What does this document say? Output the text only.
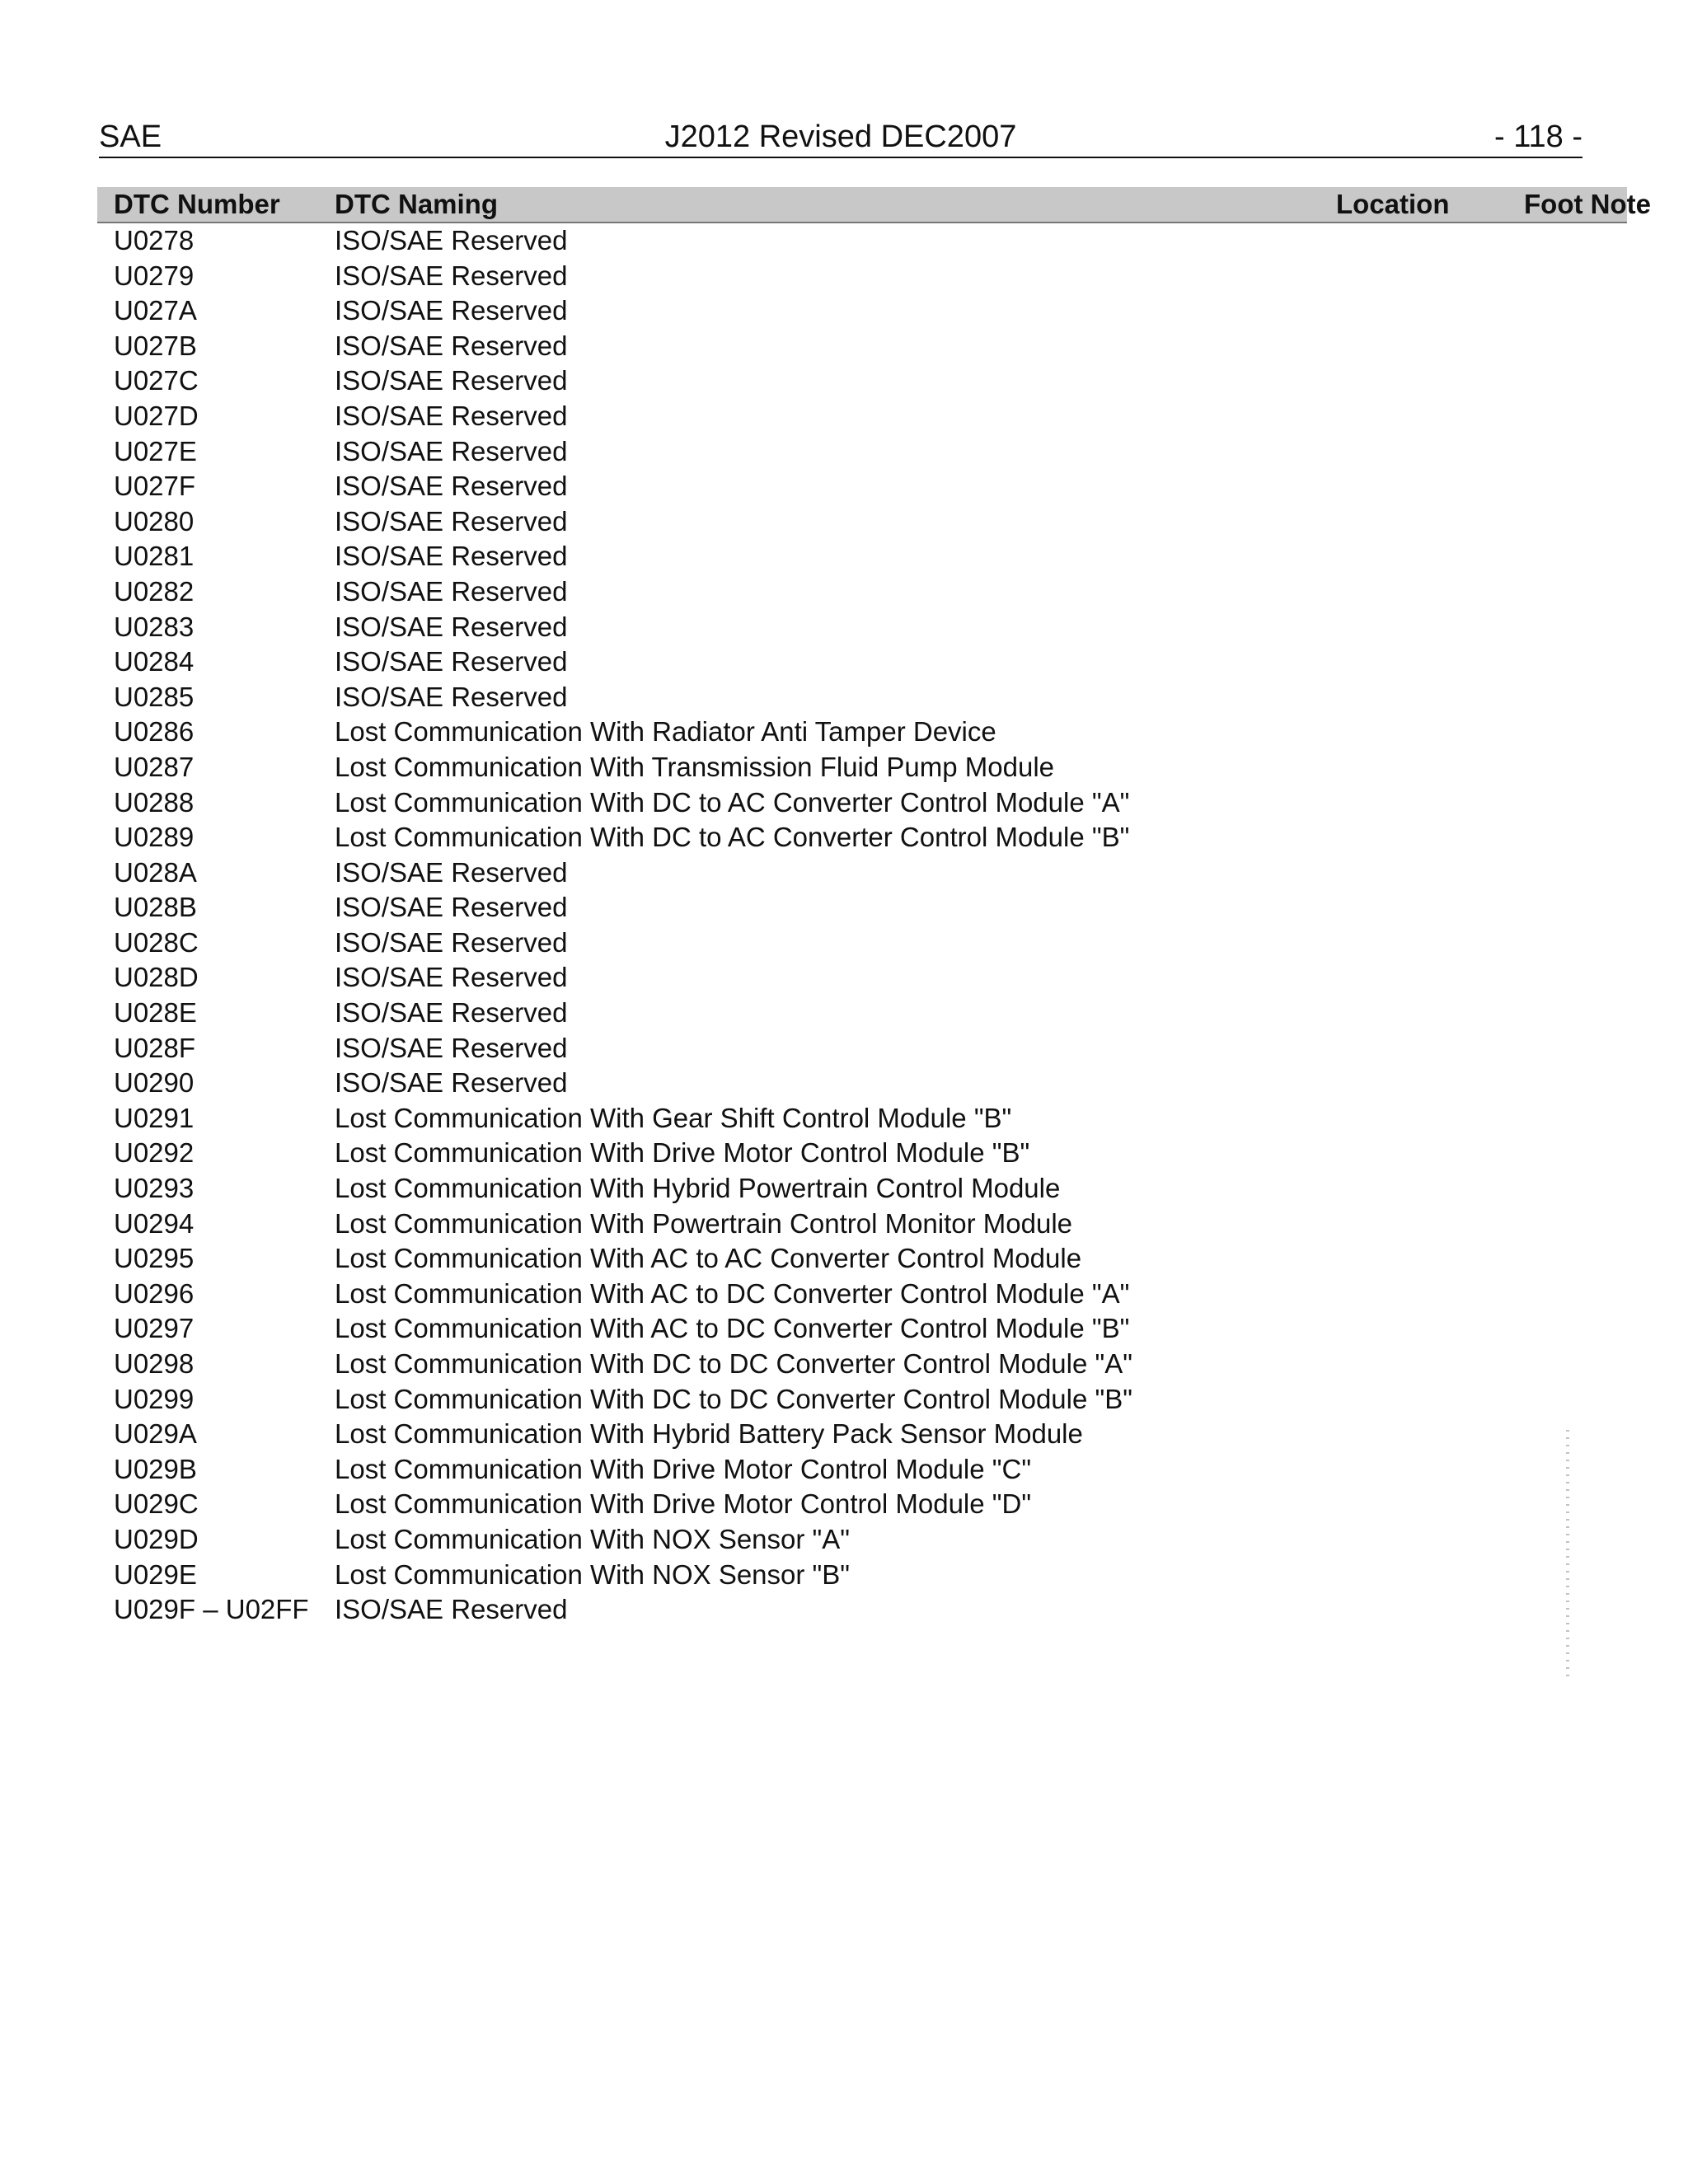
SAE	J2012 Revised DEC2007	- 118 -
DTC Number	DTC Naming	Location	Foot Note
U0278	ISO/SAE Reserved		
U0279	ISO/SAE Reserved		
U027A	ISO/SAE Reserved		
U027B	ISO/SAE Reserved		
U027C	ISO/SAE Reserved		
U027D	ISO/SAE Reserved		
U027E	ISO/SAE Reserved		
U027F	ISO/SAE Reserved		
U0280	ISO/SAE Reserved		
U0281	ISO/SAE Reserved		
U0282	ISO/SAE Reserved		
U0283	ISO/SAE Reserved		
U0284	ISO/SAE Reserved		
U0285	ISO/SAE Reserved		
U0286	Lost Communication With Radiator Anti Tamper Device		
U0287	Lost Communication With Transmission Fluid Pump Module		
U0288	Lost Communication With DC to AC Converter Control Module "A"		
U0289	Lost Communication With DC to AC Converter Control Module "B"		
U028A	ISO/SAE Reserved		
U028B	ISO/SAE Reserved		
U028C	ISO/SAE Reserved		
U028D	ISO/SAE Reserved		
U028E	ISO/SAE Reserved		
U028F	ISO/SAE Reserved		
U0290	ISO/SAE Reserved		
U0291	Lost Communication With Gear Shift Control Module "B"		
U0292	Lost Communication With Drive Motor Control Module "B"		
U0293	Lost Communication With Hybrid Powertrain Control Module		
U0294	Lost Communication With Powertrain Control Monitor Module		
U0295	Lost Communication With AC to AC Converter Control Module		
U0296	Lost Communication With AC to DC Converter Control Module "A"		
U0297	Lost Communication With AC to DC Converter Control Module "B"		
U0298	Lost Communication With DC to DC Converter Control Module "A"		
U0299	Lost Communication With DC to DC Converter Control Module "B"		
U029A	Lost Communication With Hybrid Battery Pack Sensor Module		
U029B	Lost Communication With Drive Motor Control Module "C"		
U029C	Lost Communication With Drive Motor Control Module "D"		
U029D	Lost Communication With NOX Sensor "A"		
U029E	Lost Communication With NOX Sensor "B"		
U029F – U02FF	ISO/SAE Reserved		
